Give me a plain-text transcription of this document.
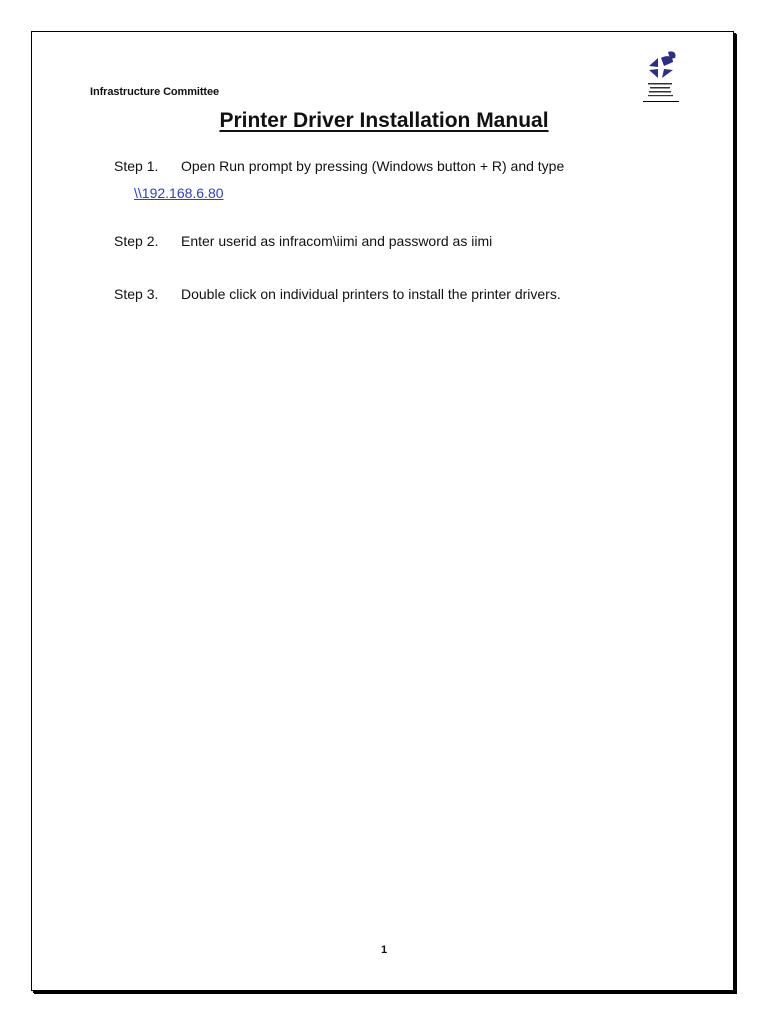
Infrastructure Committee
Printer Driver Installation Manual
Step 1. Open Run prompt by pressing (Windows button + R) and type
\\192.168.6.80
Step 2. Enter userid as infracom\iimi and password as iimi
Step 3. Double click on individual printers to install the printer drivers.
1
